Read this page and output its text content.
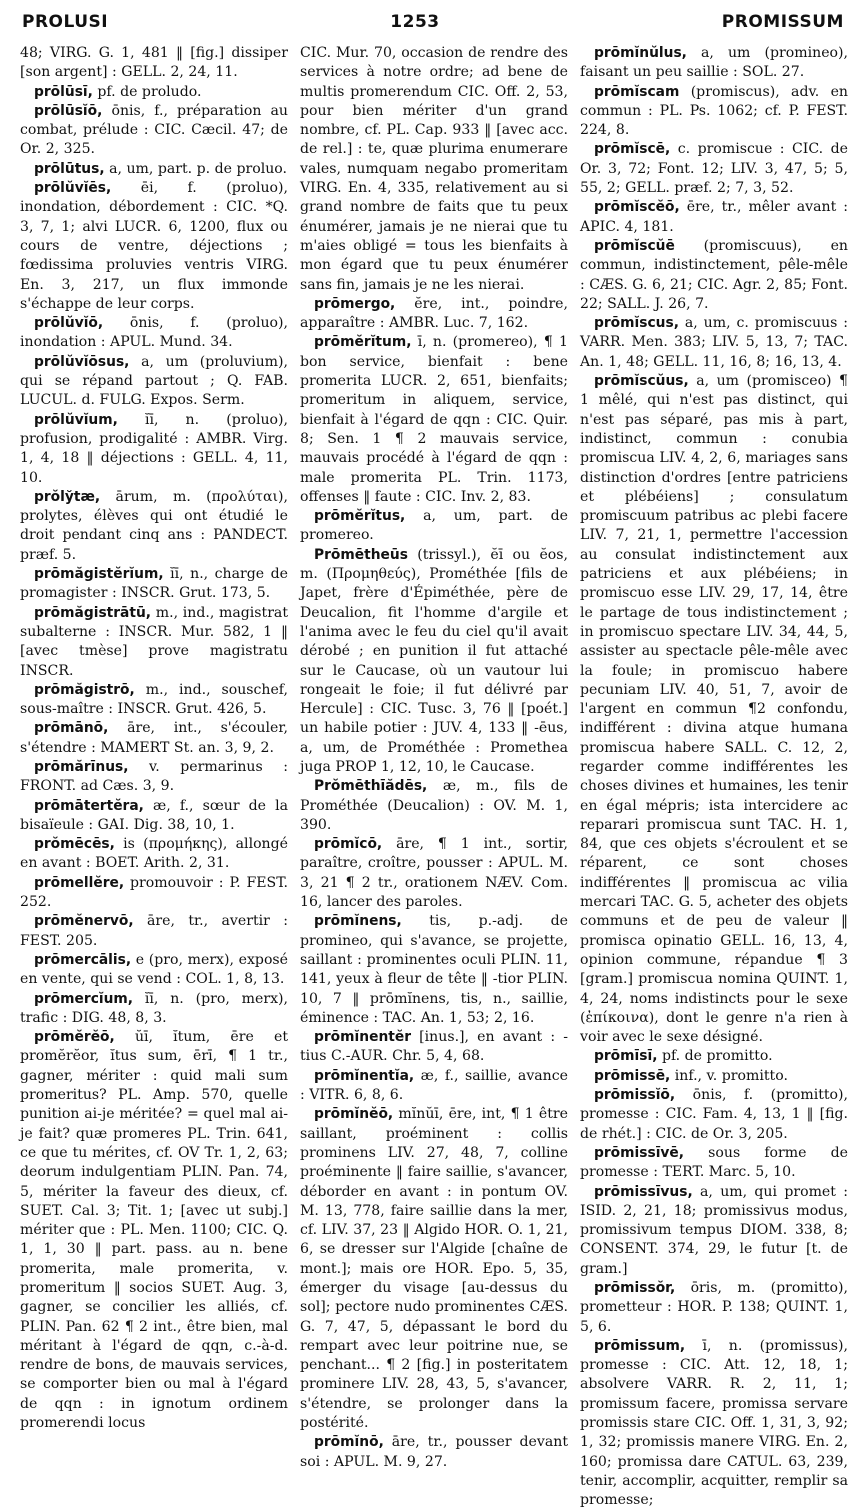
PROLUSI	1253	PROMISSUM

48; VIRG. G. 1, 481 ‖ [fig.] dissiper [son argent] : GELL. 2, 24, 11.

prōlūsī, pf. de proludo.

prōlūsĭō, ōnis, f., préparation au combat, prélude : CIC. Cæcil. 47; de Or. 2, 325.

prōlūtus, a, um, part. p. de proluo.

prōlŭvĭēs, ēi, f. (proluo), inondation, débordement : CIC. *Q. 3, 7, 1; alvi LUCR. 6, 1200, flux ou cours de ventre, déjections ; fœdissima proluvies ventris VIRG. En. 3, 217, un flux immonde s'échappe de leur corps.

prōlŭvĭō, ōnis, f. (proluo), inondation : APUL. Mund. 34.

prōlŭvĭōsus, a, um (proluvium), qui se répand partout ; Q. FAB. LUCUL. d. FULG. Expos. Serm.

prōlŭvĭum, ĭī, n. (proluo), profusion, prodigalité : AMBR. Virg. 1, 4, 18 ‖ déjections : GELL. 4, 11, 10.

prŏlўtæ, ārum, m. (προλύται), prolytes, élèves qui ont étudié le droit pendant cinq ans : PANDECT. præf. 5.

prōmăgistĕrĭum, ĭī, n., charge de promagister : INSCR. Grut. 173, 5.

prōmăgistrātū, m., ind., magistrat subalterne : INSCR. Mur. 582, 1 ‖ [avec tmèse] prove magistratu INSCR.

prōmăgistrō, m., ind., souschef, sous-maître : INSCR. Grut. 426, 5.

prōmānō, āre, int., s'écouler, s'étendre : MAMERT St. an. 3, 9, 2.

prōmărīnus, v. permarinus : FRONT. ad Cæs. 3, 9.

prōmātertĕra, æ, f., sœur de la bisaïeule : GAI. Dig. 38, 10, 1.

prŏmēcēs, is (προμήκης), allongé en avant : BOET. Arith. 2, 31.

prōmellĕre, promouvoir : P. FEST. 252.

prōmĕnervō, āre, tr., avertir : FEST. 205.

prōmercālis, e (pro, merx), exposé en vente, qui se vend : COL. 1, 8, 13.

prōmercĭum, ĭī, n. (pro, merx), trafic : DIG. 48, 8, 3.

prōmĕrĕō, ŭī, ĭtum, ēre et promĕrĕor, ĭtus sum, ērī, ¶ 1 tr., gagner, mériter : quid mali sum promeritus? PL. Amp. 570, quelle punition ai-je méritée? = quel mal ai-je fait? quæ promeres PL. Trin. 641, ce que tu mérites, cf. OV Tr. 1, 2, 63; deorum indulgentiam PLIN. Pan. 74, 5, mériter la faveur des dieux, cf. SUET. Cal. 3; Tit. 1; [avec ut subj.] mériter que : PL. Men. 1100; CIC. Q. 1, 1, 30 ‖ part. pass. au n. bene promerita, male promerita, v. promeritum ‖ socios SUET. Aug. 3, gagner, se concilier les alliés, cf. PLIN. Pan. 62 ¶ 2 int., être bien, mal méritant à l'égard de qqn, c.-à-d. rendre de bons, de mauvais services, se comporter bien ou mal à l'égard de qqn : in ignotum ordinem promerendi locus

CIC. Mur. 70, occasion de rendre des services à notre ordre; ad bene de multis promerendum CIC. Off. 2, 53, pour bien mériter d'un grand nombre, cf. PL. Cap. 933 ‖ [avec acc. de rel.] : te, quæ plurima enumerare vales, numquam negabo promeritam VIRG. En. 4, 335, relativement au si grand nombre de faits que tu peux énumérer, jamais je ne nierai que tu m'aies obligé = tous les bienfaits à mon égard que tu peux énumérer sans fin, jamais je ne les nierai.

prōmergo, ĕre, int., poindre, apparaître : AMBR. Luc. 7, 162.

prōmĕrĭtum, ī, n. (promereo), ¶ 1 bon service, bienfait : bene promerita LUCR. 2, 651, bienfaits; promeritum in aliquem, service, bienfait à l'égard de qqn : CIC. Quir. 8; Sen. 1 ¶ 2 mauvais service, mauvais procédé à l'égard de qqn : male promerita PL. Trin. 1173, offenses ‖ faute : CIC. Inv. 2, 83.

prōmĕrĭtus, a, um, part. de promereo.

Prōmētheūs (trissyl.), ĕī ou ĕos, m. (Προμηθεύς), Prométhée [fils de Japet, frère d'Épiméthée, père de Deucalion, fit l'homme d'argile et l'anima avec le feu du ciel qu'il avait dérobé ; en punition il fut attaché sur le Caucase, où un vautour lui rongeait le foie; il fut délivré par Hercule] : CIC. Tusc. 3, 76 ‖ [poét.] un habile potier : JUV. 4, 133 ‖ -ēus, a, um, de Prométhée : Promethea juga PROP 1, 12, 10, le Caucase.

Prŏmēthīădēs, æ, m., fils de Prométhée (Deucalion) : OV. M. 1, 390.

prōmĭcō, āre, ¶ 1 int., sortir, paraître, croître, pousser : APUL. M. 3, 21 ¶ 2 tr., orationem NÆV. Com. 16, lancer des paroles.

prōmĭnens, tis, p.-adj. de promineo, qui s'avance, se projette, saillant : prominentes oculi PLIN. 11, 141, yeux à fleur de tête ‖ -tior PLIN. 10, 7 ‖ prōmĭnens, tis, n., saillie, éminence : TAC. An. 1, 53; 2, 16.

prōmĭnentĕr [inus.], en avant : -tius C.-AUR. Chr. 5, 4, 68.

prōmĭnentĭa, æ, f., saillie, avance : VITR. 6, 8, 6.

prōmĭnĕō, mĭnŭī, ēre, int, ¶ 1 être saillant, proéminent : collis prominens LIV. 27, 48, 7, colline proéminente ‖ faire saillie, s'avancer, déborder en avant : in pontum OV. M. 13, 778, faire saillie dans la mer, cf. LIV. 37, 23 ‖ Algido HOR. O. 1, 21, 6, se dresser sur l'Algide [chaîne de mont.]; mais ore HOR. Epo. 5, 35, émerger du visage [au-dessus du sol]; pectore nudo prominentes CÆS. G. 7, 47, 5, dépassant le bord du rempart avec leur poitrine nue, se penchant... ¶ 2 [fig.] in posteritatem prominere LIV. 28, 43, 5, s'avancer, s'étendre, se prolonger dans la postérité.

prōmĭnō, āre, tr., pousser devant soi : APUL. M. 9, 27.

prōmĭnŭlus, a, um (promineo), faisant un peu saillie : SOL. 27.

prōmĭscam (promiscus), adv. en commun : PL. Ps. 1062; cf. P. FEST. 224, 8.

prōmĭscē, c. promiscue : CIC. de Or. 3, 72; Font. 12; LIV. 3, 47, 5; 5, 55, 2; GELL. præf. 2; 7, 3, 52.

prōmĭscĕō, ēre, tr., mêler avant : APIC. 4, 181.

prōmĭscŭē (promiscuus), en commun, indistinctement, pêle-mêle : CÆS. G. 6, 21; CIC. Agr. 2, 85; Font. 22; SALL. J. 26, 7.

prōmĭscus, a, um, c. promiscuus : VARR. Men. 383; LIV. 5, 13, 7; TAC. An. 1, 48; GELL. 11, 16, 8; 16, 13, 4.

prōmĭscŭus, a, um (promisceo) ¶ 1 mêlé, qui n'est pas distinct, qui n'est pas séparé, pas mis à part, indistinct, commun : conubia promiscua LIV. 4, 2, 6, mariages sans distinction d'ordres [entre patriciens et plébéiens] ; consulatum promiscuum patribus ac plebi facere LIV. 7, 21, 1, permettre l'accession au consulat indistinctement aux patriciens et aux plébéiens; in promiscuo esse LIV. 29, 17, 14, être le partage de tous indistinctement ; in promiscuo spectare LIV. 34, 44, 5, assister au spectacle pêle-mêle avec la foule; in promiscuo habere pecuniam LIV. 40, 51, 7, avoir de l'argent en commun ¶2 confondu, indifférent : divina atque humana promiscua habere SALL. C. 12, 2, regarder comme indifférentes les choses divines et humaines, les tenir en égal mépris; ista intercidere ac reparari promiscua sunt TAC. H. 1, 84, que ces objets s'écroulent et se réparent, ce sont choses indifférentes ‖ promiscua ac vilia mercari TAC. G. 5, acheter des objets communs et de peu de valeur ‖ promisca opinatio GELL. 16, 13, 4, opinion commune, répandue ¶ 3 [gram.] promiscua nomina QUINT. 1, 4, 24, noms indistincts pour le sexe (ἐπίκοινα), dont le genre n'a rien à voir avec le sexe désigné.

prōmīsī, pf. de promitto.

prōmissē, inf., v. promitto.

prōmissĭō, ōnis, f. (promitto), promesse : CIC. Fam. 4, 13, 1 ‖ [fig. de rhét.] : CIC. de Or. 3, 205.

prōmissīvē, sous forme de promesse : TERT. Marc. 5, 10.

prōmissīvus, a, um, qui promet : ISID. 2, 21, 18; promissivus modus, promissivum tempus DIOM. 338, 8; CONSENT. 374, 29, le futur [t. de gram.]

prōmissŏr, ōris, m. (promitto), prometteur : HOR. P. 138; QUINT. 1, 5, 6.

prōmissum, ī, n. (promissus), promesse : CIC. Att. 12, 18, 1; absolvere VARR. R. 2, 11, 1; promissum facere, promissa servare promissis stare CIC. Off. 1, 31, 3, 92; 1, 32; promissis manere VIRG. En. 2, 160; promissa dare CATUL. 63, 239, tenir, accomplir, acquitter, remplir sa promesse;
